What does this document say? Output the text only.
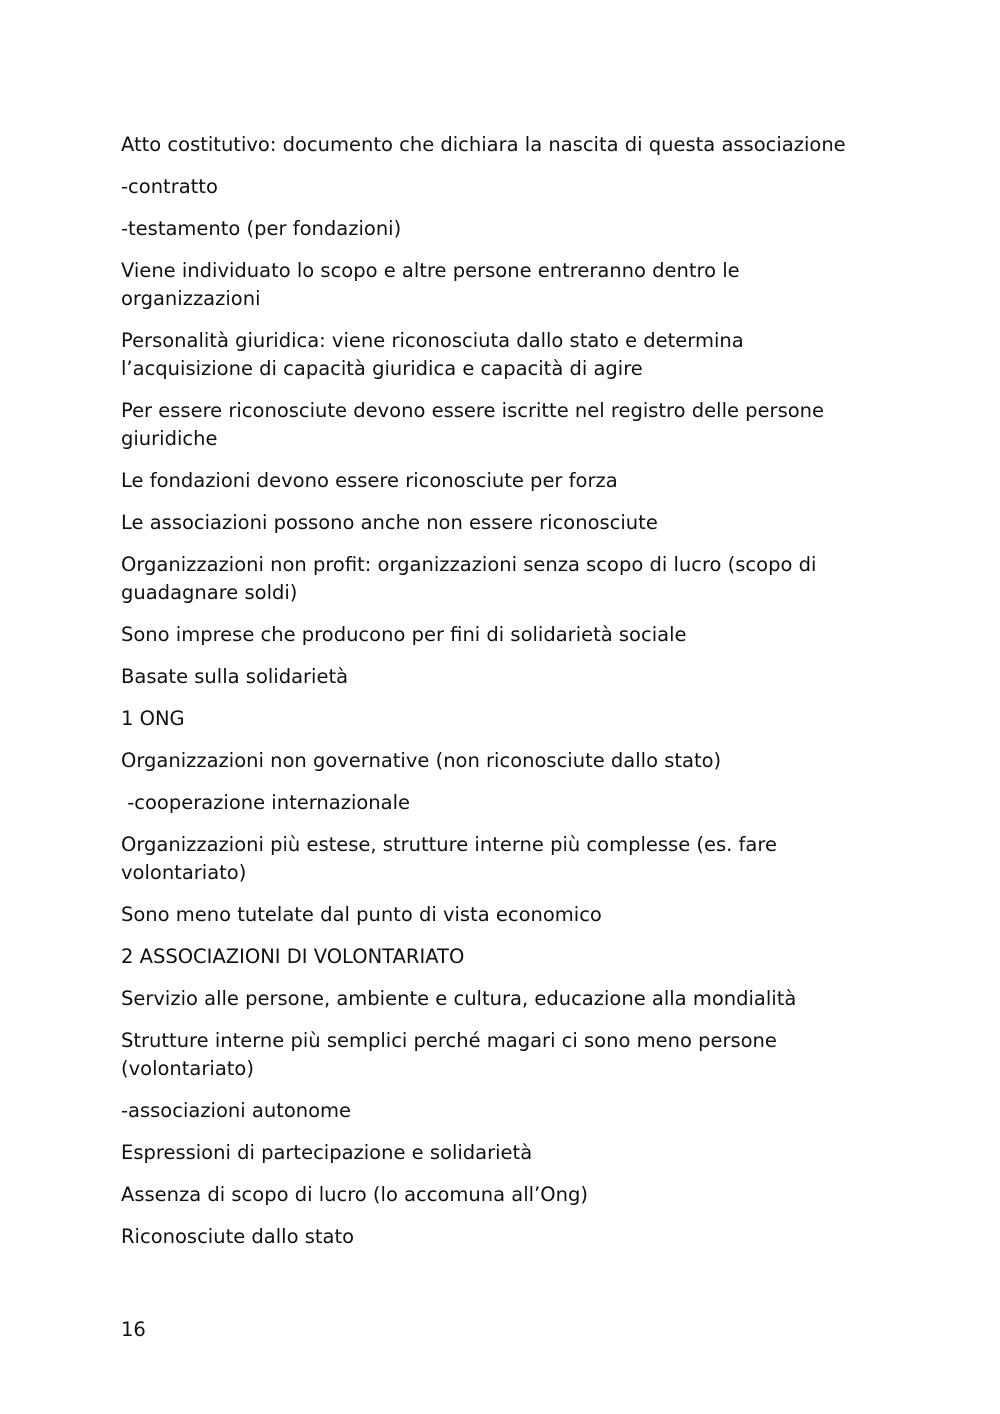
Atto costitutivo: documento che dichiara la nascita di questa associazione

-contratto

-testamento (per fondazioni)

Viene individuato lo scopo e altre persone entreranno dentro le organizzazioni

Personalità giuridica: viene riconosciuta dallo stato e determina l’acquisizione di capacità giuridica e capacità di agire

Per essere riconosciute devono essere iscritte nel registro delle persone giuridiche

Le fondazioni devono essere riconosciute per forza

Le associazioni possono anche non essere riconosciute

Organizzazioni non profit: organizzazioni senza scopo di lucro (scopo di guadagnare soldi)

Sono imprese che producono per fini di solidarietà sociale

Basate sulla solidarietà

1 ONG

Organizzazioni non governative (non riconosciute dallo stato)

-cooperazione internazionale

Organizzazioni più estese, strutture interne più complesse (es. fare volontariato)

Sono meno tutelate dal punto di vista economico

2 ASSOCIAZIONI DI VOLONTARIATO

Servizio alle persone, ambiente e cultura, educazione alla mondialità

Strutture interne più semplici perché magari ci sono meno persone (volontariato)

-associazioni autonome

Espressioni di partecipazione e solidarietà

Assenza di scopo di lucro (lo accomuna all’Ong)

Riconosciute dallo stato

16
